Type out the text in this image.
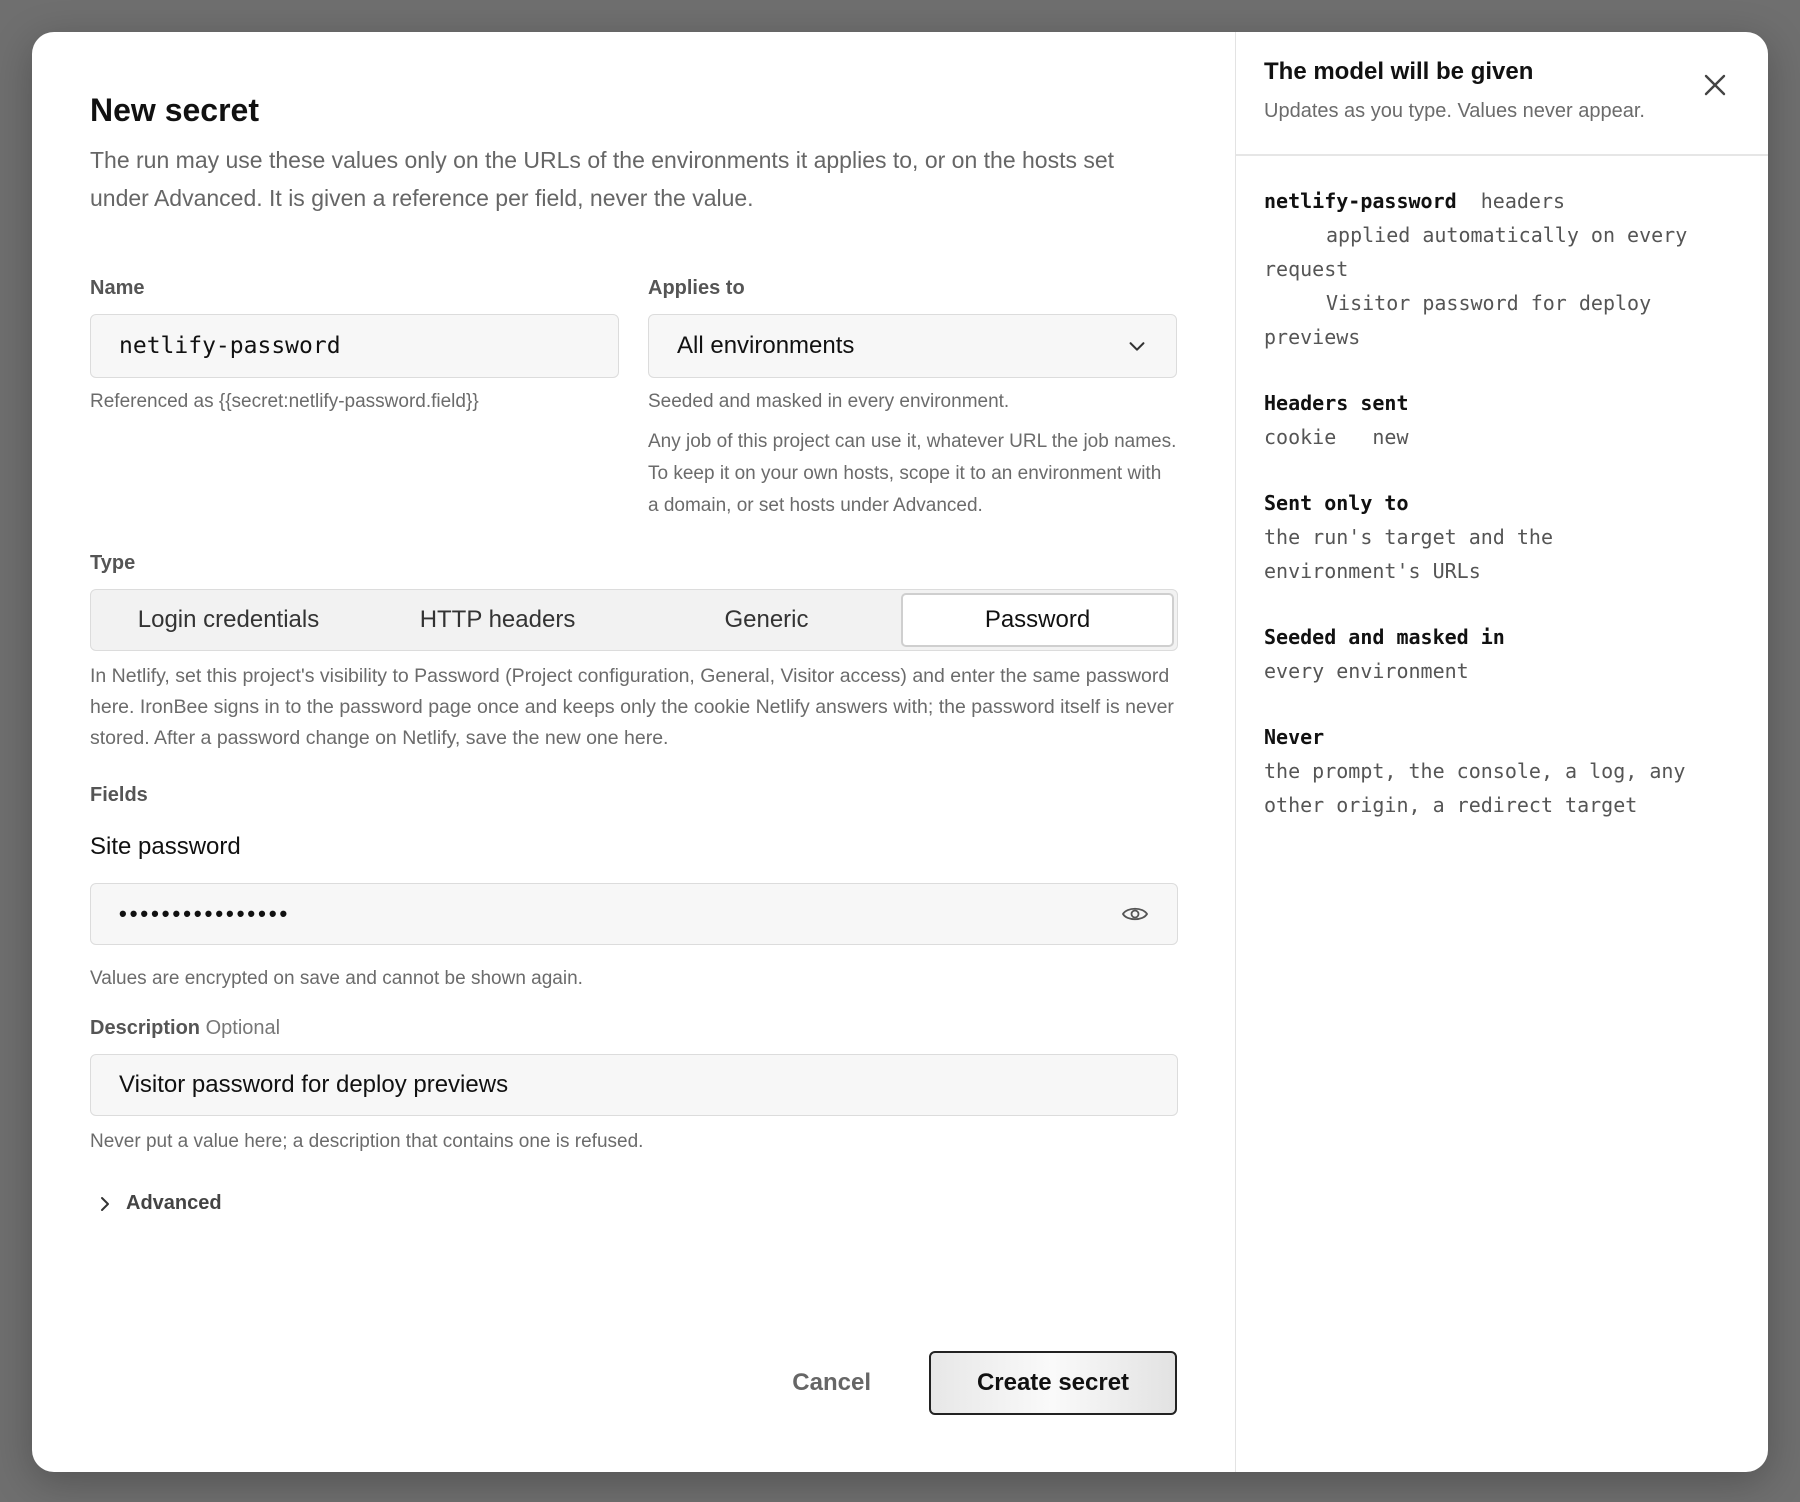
New secret

The run may use these values only on the URLs of the environments it applies to, or on the hosts set under Advanced. It is given a reference per field, never the value.

Name
netlify-password
Referenced as {{secret:netlify-password.field}}
Applies to
All environments
Seeded and masked in every environment.
Any job of this project can use it, whatever URL the job names. To keep it on your own hosts, scope it to an environment with a domain, or set hosts under Advanced.
Type
Login credentials	HTTP headers	Generic	Password

In Netlify, set this project's visibility to Password (Project configuration, General, Visitor access) and enter the same password here. IronBee signs in to the password page once and keeps only the cookie Netlify answers with; the password itself is never stored. After a password change on Netlify, save the new one here.

Fields
Site password
••••••••••••••••
Values are encrypted on save and cannot be shown again.
Description Optional
Visitor password for deploy previews
Never put a value here; a description that contains one is refused.
Advanced
Cancel	Create secret
The model will be given
Updates as you type. Values never appear.
netlify-password headers
applied automatically on every request
Visitor password for deploy previews
Headers sent
cookie new
Sent only to
the run's target and the environment's URLs
Seeded and masked in
every environment
Never
the prompt, the console, a log, any other origin, a redirect target
